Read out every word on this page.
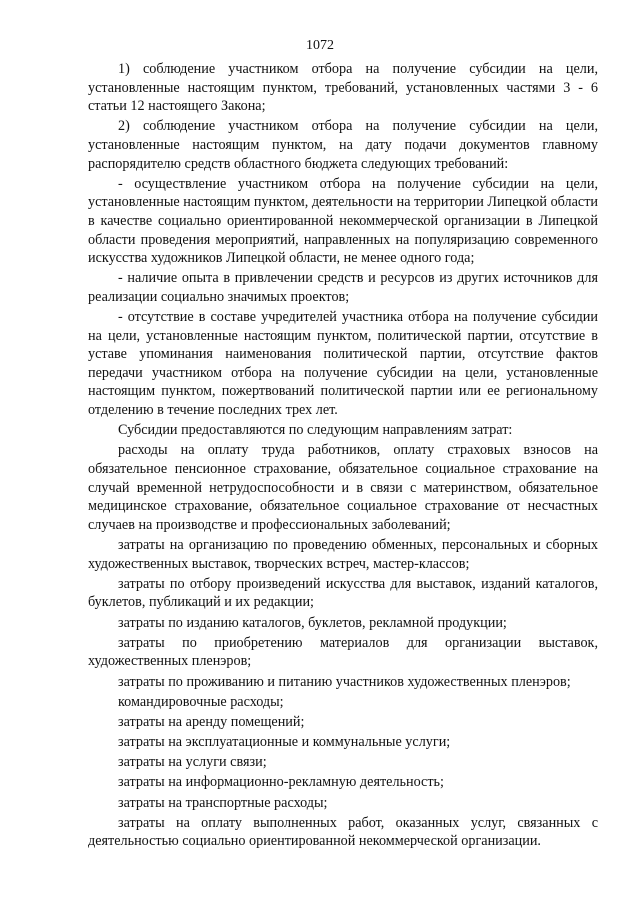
1072

1) соблюдение участником отбора на получение субсидии на цели, установленные настоящим пунктом, требований, установленных частями 3 - 6 статьи 12 настоящего Закона;

2) соблюдение участником отбора на получение субсидии на цели, установленные настоящим пунктом, на дату подачи документов главному распорядителю средств областного бюджета следующих требований:

- осуществление участником отбора на получение субсидии на цели, установленные настоящим пунктом, деятельности на территории Липецкой области в качестве социально ориентированной некоммерческой организации в Липецкой области проведения мероприятий, направленных на популяризацию современного искусства художников Липецкой области, не менее одного года;

- наличие опыта в привлечении средств и ресурсов из других источников для реализации социально значимых проектов;

- отсутствие в составе учредителей участника отбора на получение субсидии на цели, установленные настоящим пунктом, политической партии, отсутствие в уставе упоминания наименования политической партии, отсутствие фактов передачи участником отбора на получение субсидии на цели, установленные настоящим пунктом, пожертвований политической партии или ее региональному отделению в течение последних трех лет.

Субсидии предоставляются по следующим направлениям затрат:

расходы на оплату труда работников, оплату страховых взносов на обязательное пенсионное страхование, обязательное социальное страхование на случай временной нетрудоспособности и в связи с материнством, обязательное медицинское страхование, обязательное социальное страхование от несчастных случаев на производстве и профессиональных заболеваний;

затраты на организацию по проведению обменных, персональных и сборных художественных выставок, творческих встреч, мастер-классов;

затраты по отбору произведений искусства для выставок, изданий каталогов, буклетов, публикаций и их редакции;

затраты по изданию каталогов, буклетов, рекламной продукции;

затраты по приобретению материалов для организации выставок, художественных пленэров;

затраты по проживанию и питанию участников художественных пленэров;

командировочные расходы;

затраты на аренду помещений;

затраты на эксплуатационные и коммунальные услуги;

затраты на услуги связи;

затраты на информационно-рекламную деятельность;

затраты на транспортные расходы;

затраты на оплату выполненных работ, оказанных услуг, связанных с деятельностью социально ориентированной некоммерческой организации.
